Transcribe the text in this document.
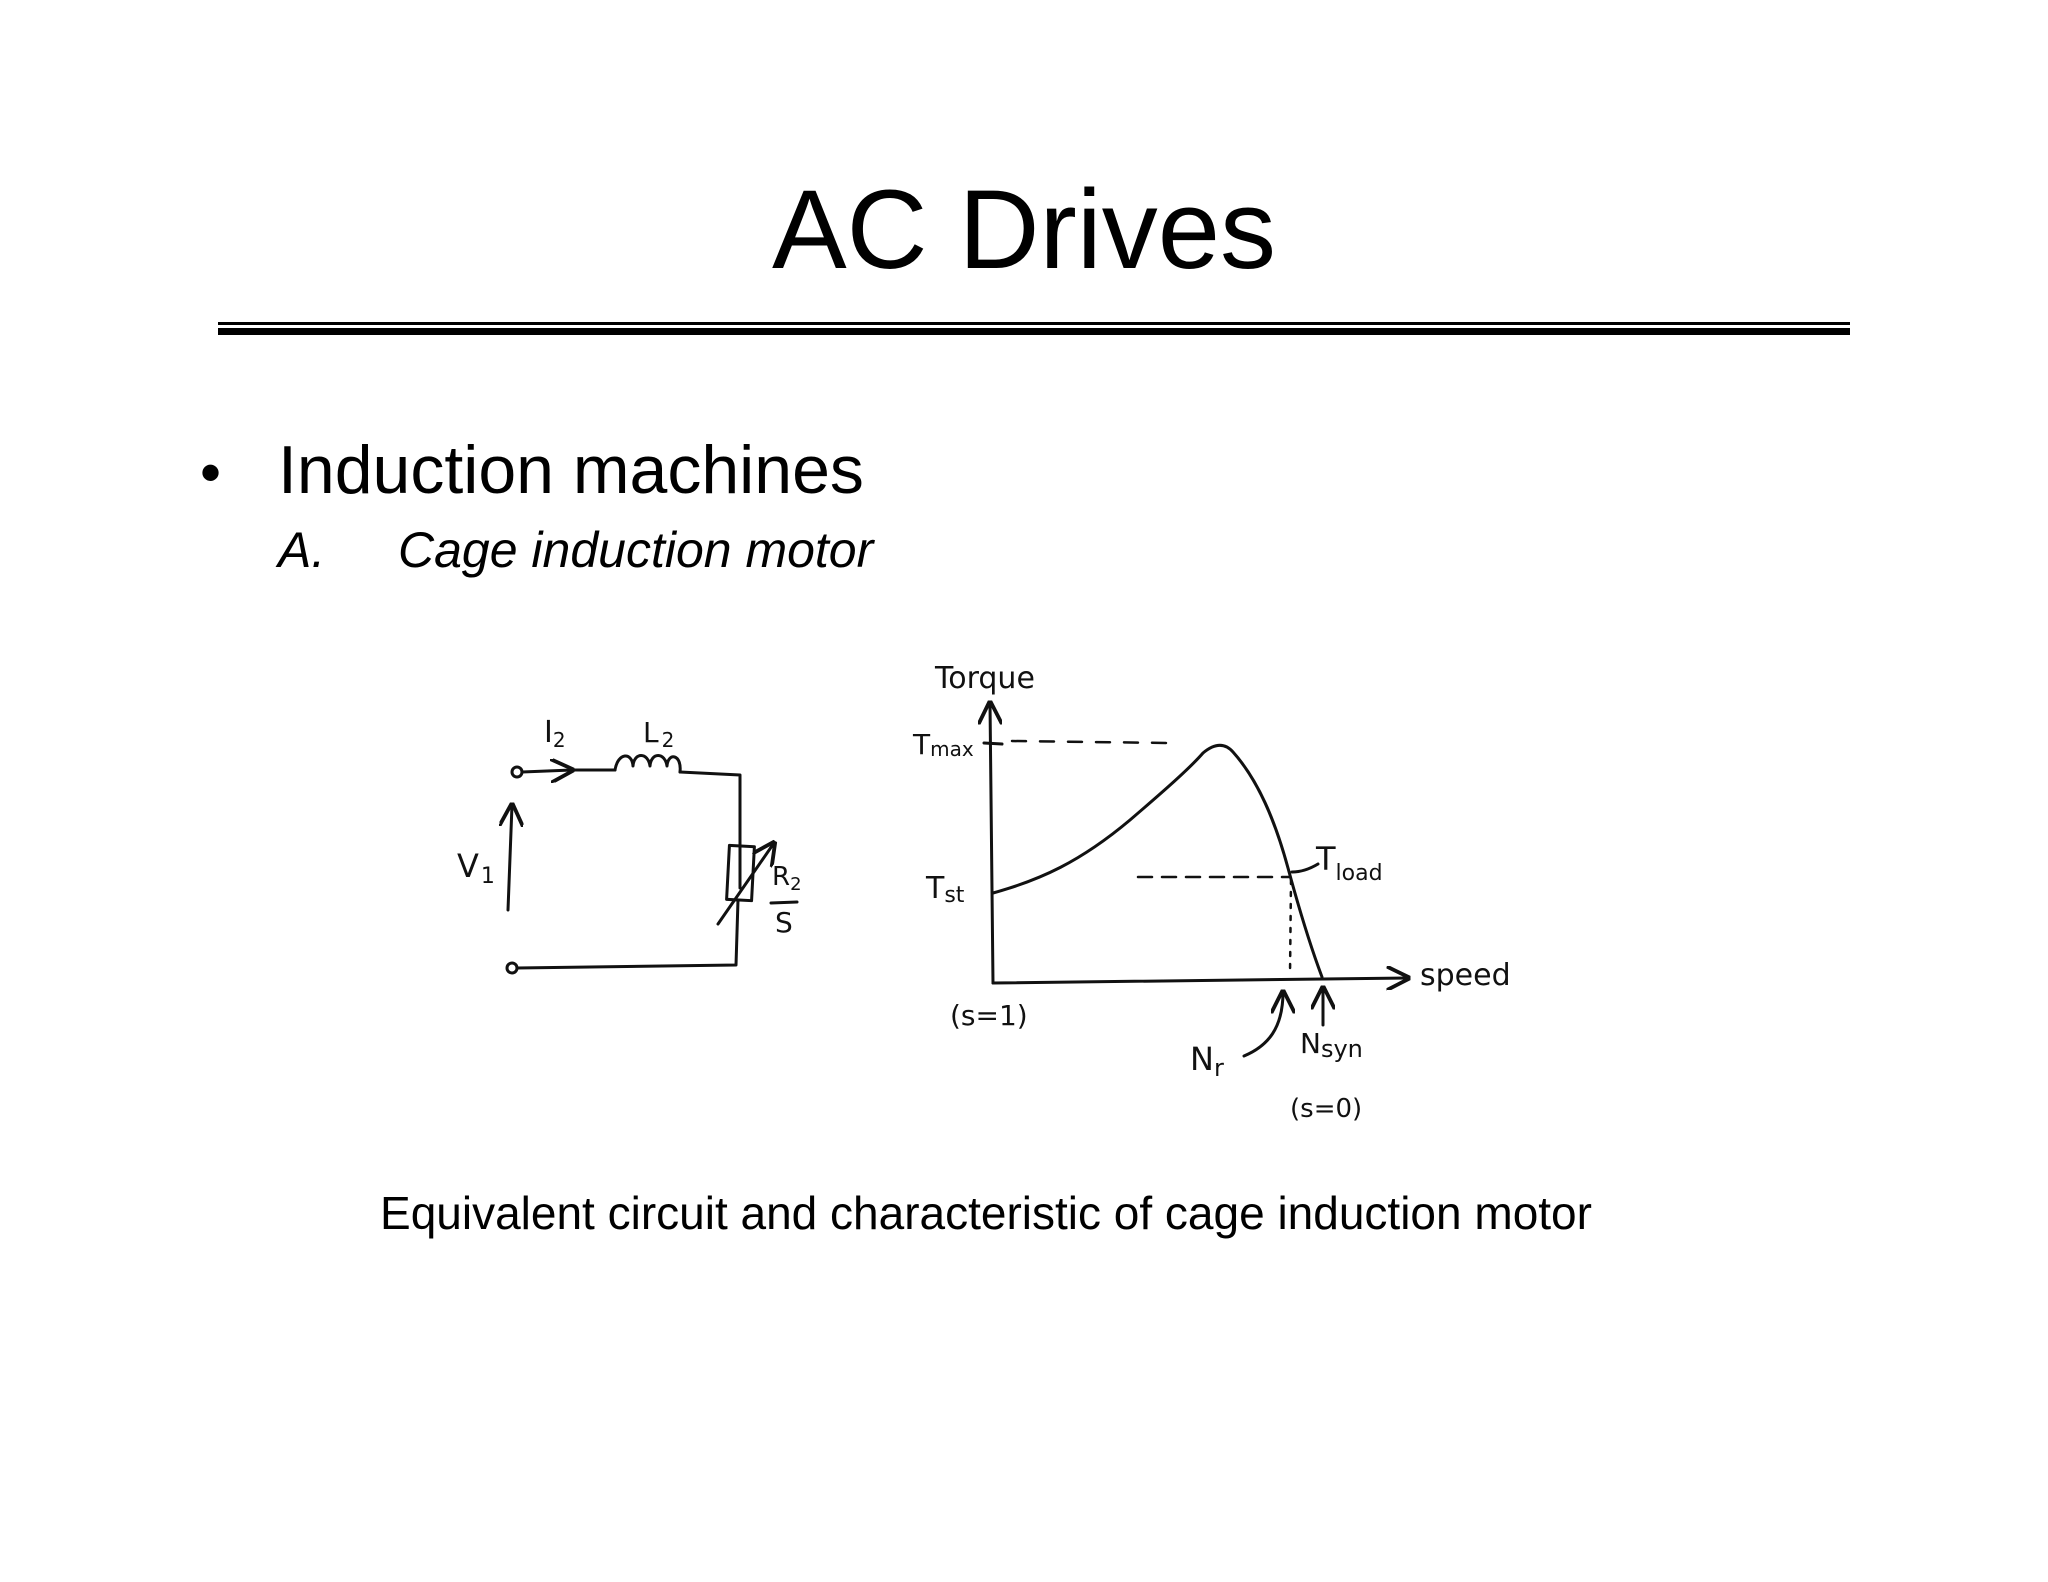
AC Drives
• Induction machines
A.	Cage induction motor
I2	L 2
V1	R2
S
Torque
speed
Tmax
Tst
$T_{load}$
(s=1)
Nr
Nsyn
(s=0)
Equivalent circuit and characteristic of cage induction motor
